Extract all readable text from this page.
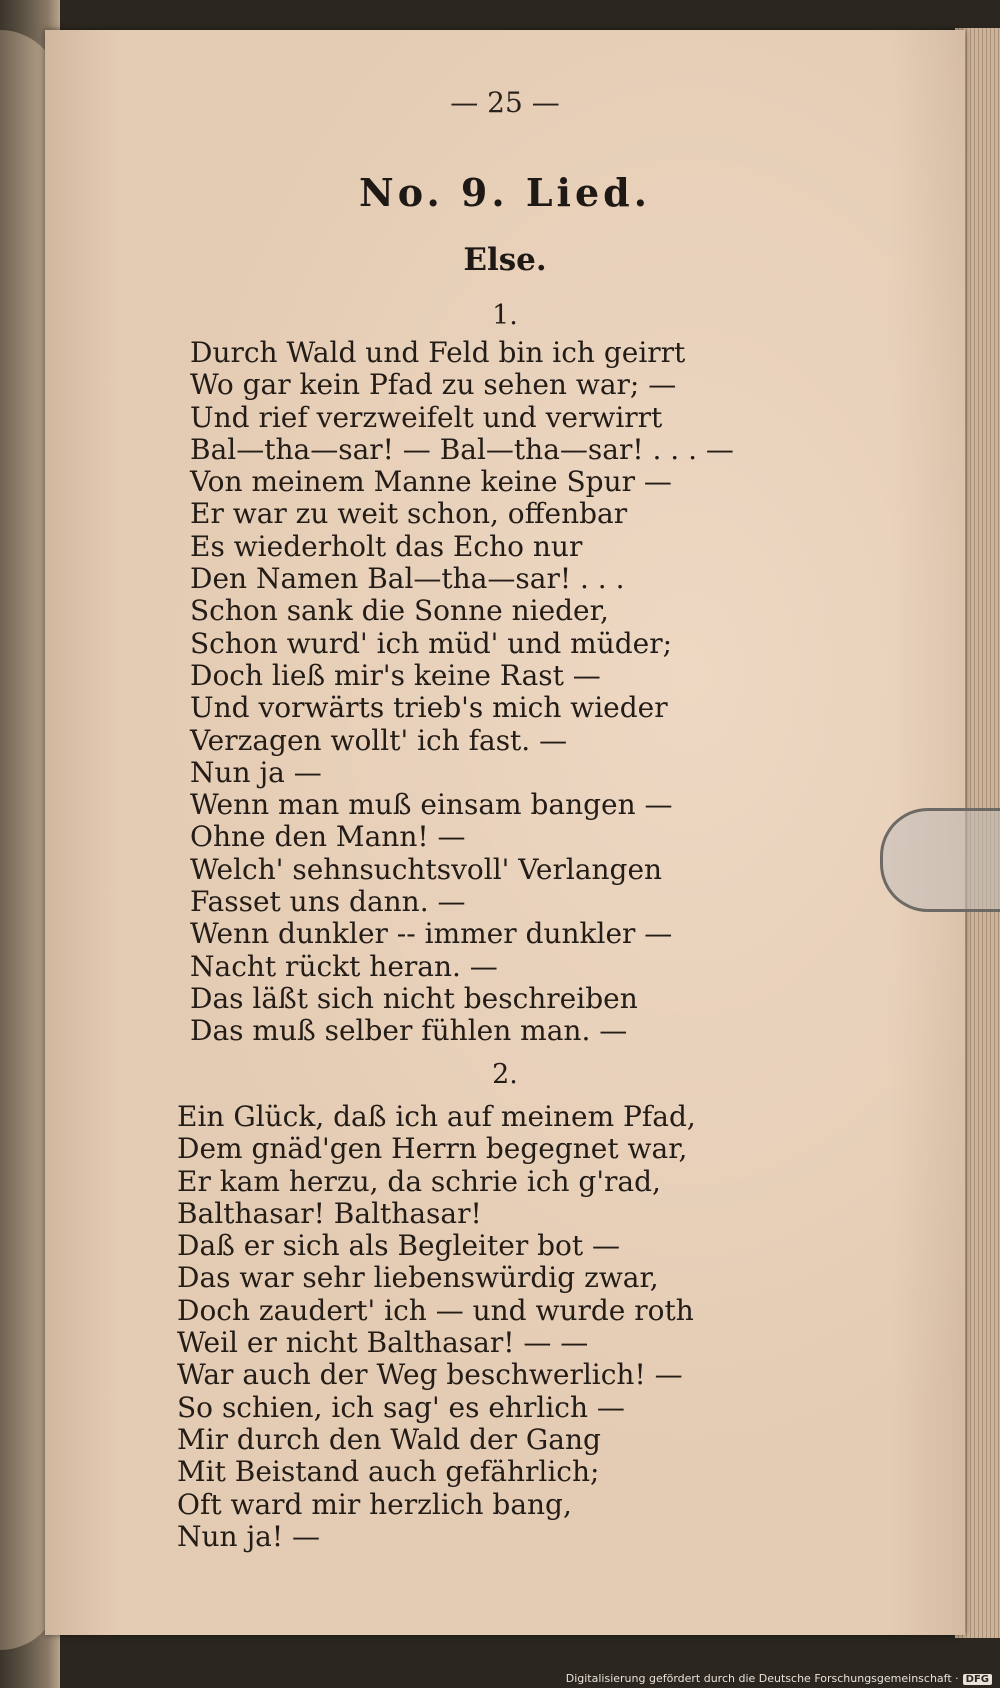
— 25 —
No. 9. Lied.
Else.
1.
Durch Wald und Feld bin ich geirrt
Wo gar kein Pfad zu sehen war; —
Und rief verzweifelt und verwirrt
Bal—tha—sar! — Bal—tha—sar! . . . —
Von meinem Manne keine Spur —
Er war zu weit schon, offenbar
Es wiederholt das Echo nur
Den Namen Bal—tha—sar! . . .
Schon sank die Sonne nieder,
Schon wurd' ich müd' und müder;
Doch ließ mir's keine Rast —
Und vorwärts trieb's mich wieder
Verzagen wollt' ich fast. —
Nun ja —
Wenn man muß einsam bangen —
Ohne den Mann! —
Welch' sehnsuchtsvoll' Verlangen
Fasset uns dann. —
Wenn dunkler -- immer dunkler —
Nacht rückt heran. —
Das läßt sich nicht beschreiben
Das muß selber fühlen man. —
2.
Ein Glück, daß ich auf meinem Pfad,
Dem gnäd'gen Herrn begegnet war,
Er kam herzu, da schrie ich g'rad,
Balthasar! Balthasar!
Daß er sich als Begleiter bot —
Das war sehr liebenswürdig zwar,
Doch zaudert' ich — und wurde roth
Weil er nicht Balthasar! — —
War auch der Weg beschwerlich! —
So schien, ich sag' es ehrlich —
Mir durch den Wald der Gang
Mit Beistand auch gefährlich;
Oft ward mir herzlich bang,
Nun ja! —
Digitalisierung gefördert durch die Deutsche Forschungsgemeinschaft · DFG
